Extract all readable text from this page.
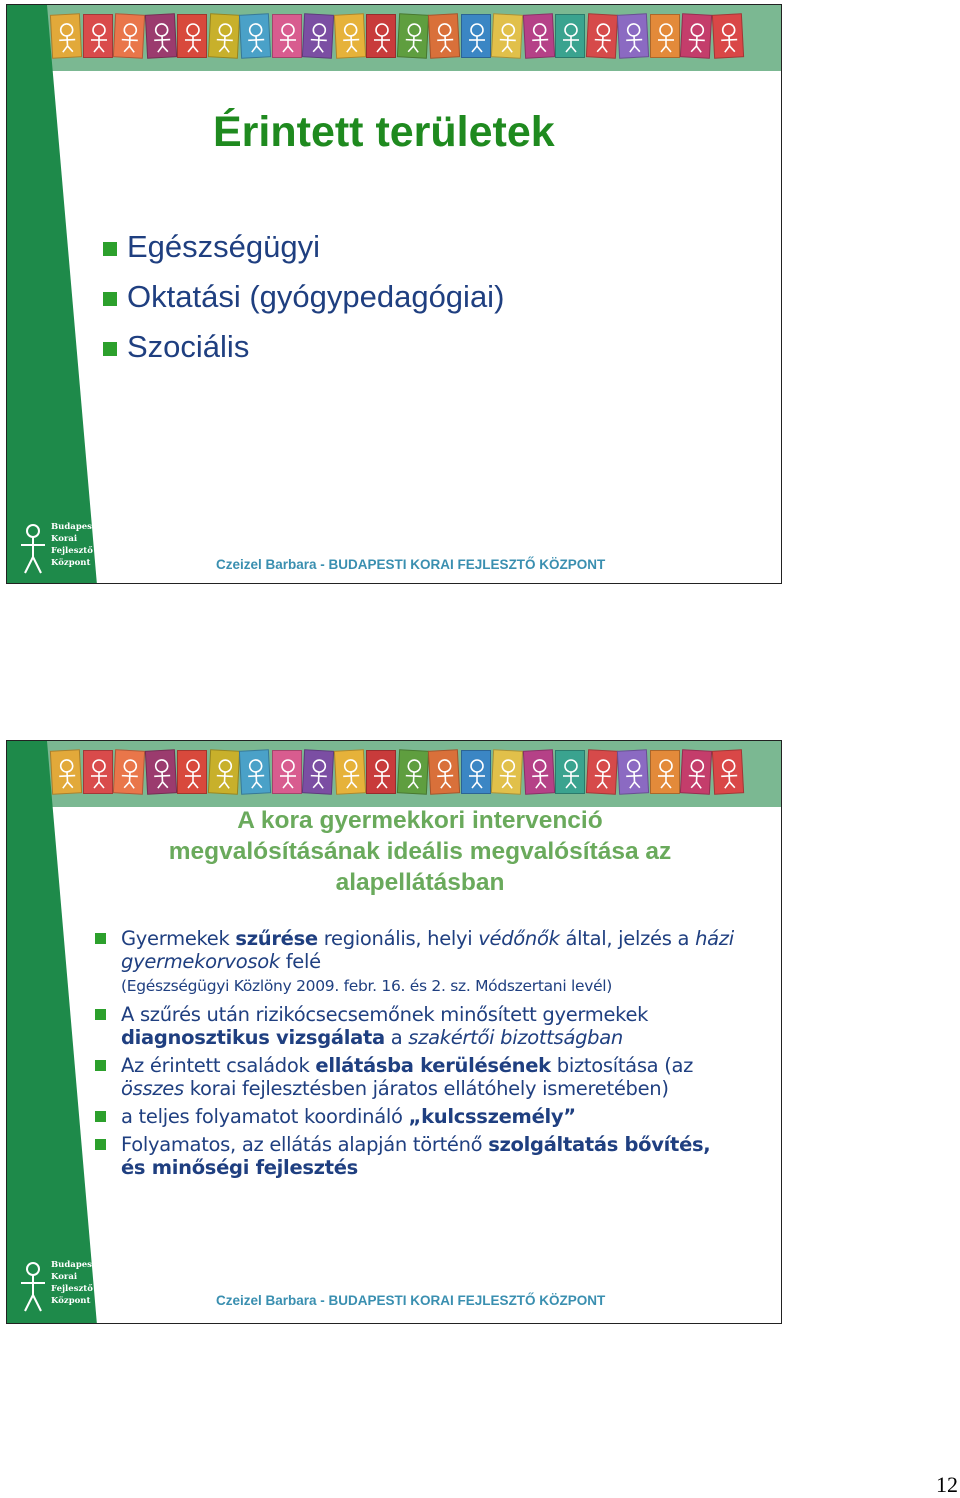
Érintett területek
Egészségügyi
Oktatási (gyógypedagógiai)
Szociális
Budapesti
Korai
Fejlesztő
Központ	Czeizel Barbara - BUDAPESTI KORAI FEJLESZTŐ KÖZPONT
A kora gyermekkori intervenció
megvalósításának ideális megvalósítása az
alapellátásban
Gyermekek szűrése regionális, helyi védőnők által, jelzés a házi gyermekorvosok felé
(Egészségügyi Közlöny 2009. febr. 16. és 2. sz. Módszertani levél)
A szűrés után rizikócsecsemőnek minősített gyermekek diagnosztikus vizsgálata a szakértői bizottságban
Az érintett családok ellátásba kerülésének biztosítása (az összes korai fejlesztésben járatos ellátóhely ismeretében)
a teljes folyamatot koordináló „kulcsszemély”
Folyamatos, az ellátás alapján történő szolgáltatás bővítés, és minőségi fejlesztés
Budapesti
Korai
Fejlesztő
Központ	Czeizel Barbara - BUDAPESTI KORAI FEJLESZTŐ KÖZPONT
12
